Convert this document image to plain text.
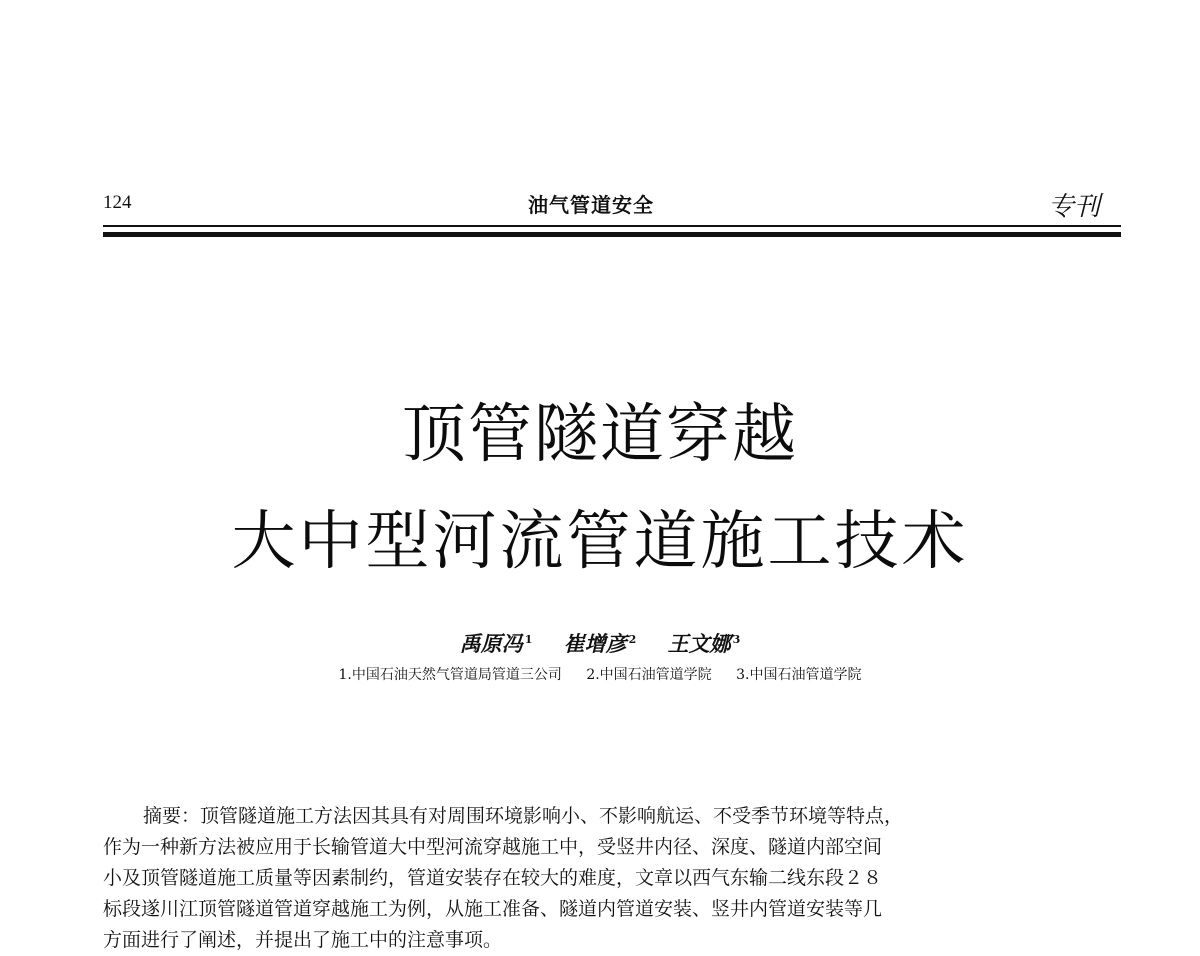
124	油气管道安全	专刊
顶管隧道穿越
大中型河流管道施工技术
禹原冯 $^1$ 崔增彦 $^2$ 王文娜 $^3$
1.中国石油天然气管道局管道三公司 2.中国石油管道学院 3.中国石油管道学院
摘要：顶管隧道施工方法因其具有对周围环境影响小、不影响航运、不受季节环境等特点，
作为一种新方法被应用于长输管道大中型河流穿越施工中，受竖井内径、深度、隧道内部空间
小及顶管隧道施工质量等因素制约，管道安装存在较大的难度，文章以西气东输二线东段２８
标段遂川江顶管隧道管道穿越施工为例，从施工准备、隧道内管道安装、竖井内管道安装等几
方面进行了阐述，并提出了施工中的注意事项。
